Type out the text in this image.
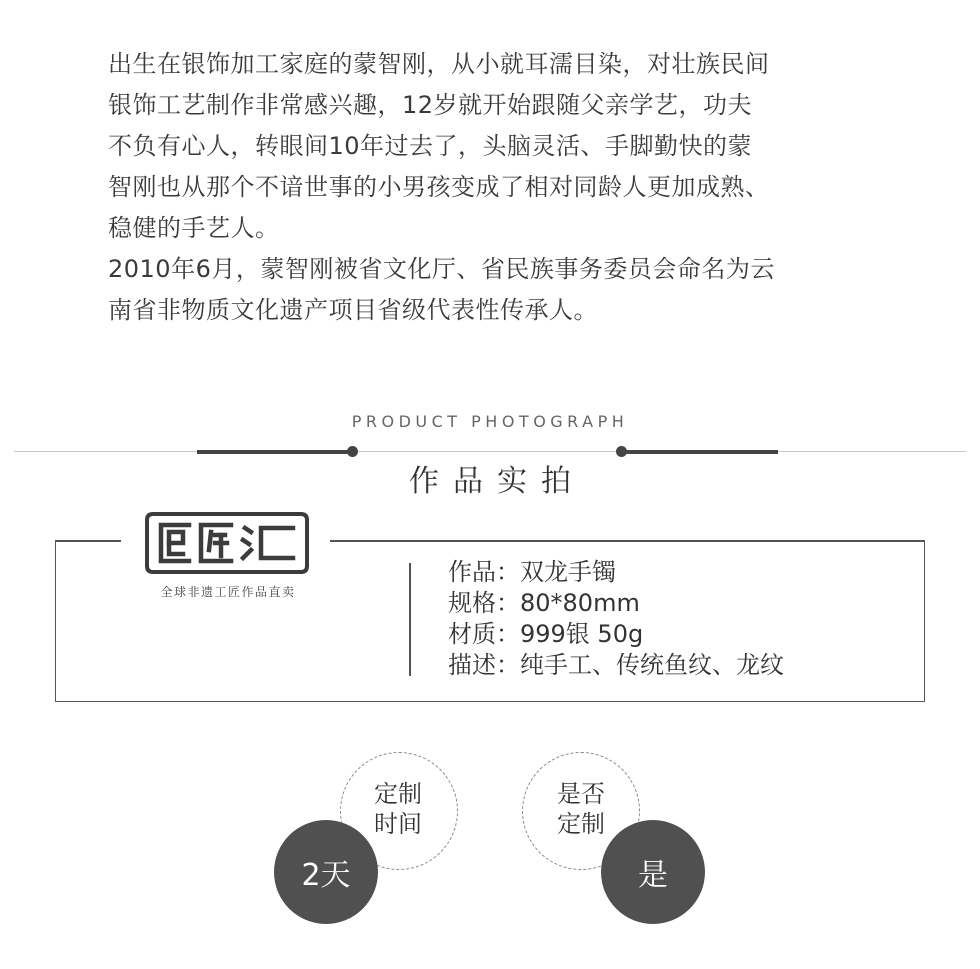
出生在银饰加工家庭的蒙智刚，从小就耳濡目染，对壮族民间

银饰工艺制作非常感兴趣，12岁就开始跟随父亲学艺，功夫

不负有心人，转眼间10年过去了，头脑灵活、手脚勤快的蒙

智刚也从那个不谙世事的小男孩变成了相对同龄人更加成熟、

稳健的手艺人。

2010年6月，蒙智刚被省文化厅、省民族事务委员会命名为云

南省非物质文化遗产项目省级代表性传承人。

PRODUCT PHOTOGRAPH
作品实拍
全球非遗工匠作品直卖
作品：双龙手镯
规格：80*80mm
材质：999银 50g
描述：纯手工、传统鱼纹、龙纹
定制
时间
2天
是否
定制
是
